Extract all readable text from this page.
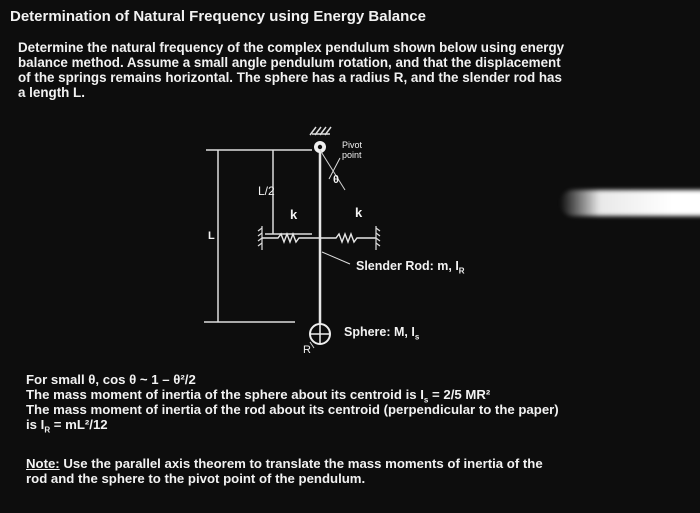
Determination of Natural Frequency using Energy Balance
Determine the natural frequency of the complex pendulum shown below using energy
balance method. Assume a small angle pendulum rotation, and that the displacement
of the springs remains horizontal. The sphere has a radius R, and the slender rod has
a length L.
Pivot
point
θ
L/2
L
k	k
Slender Rod: m, $I_R$
Sphere: M, $I_s$
R
For small θ, cos θ ~ 1 – θ²/2
The mass moment of inertia of the sphere about its centroid is $I_s = 2/5$ MR²
The mass moment of inertia of the rod about its centroid (perpendicular to the paper)
is $I_R = mL^2/12$
Note: Use the parallel axis theorem to translate the mass moments of inertia of the
rod and the sphere to the pivot point of the pendulum.
